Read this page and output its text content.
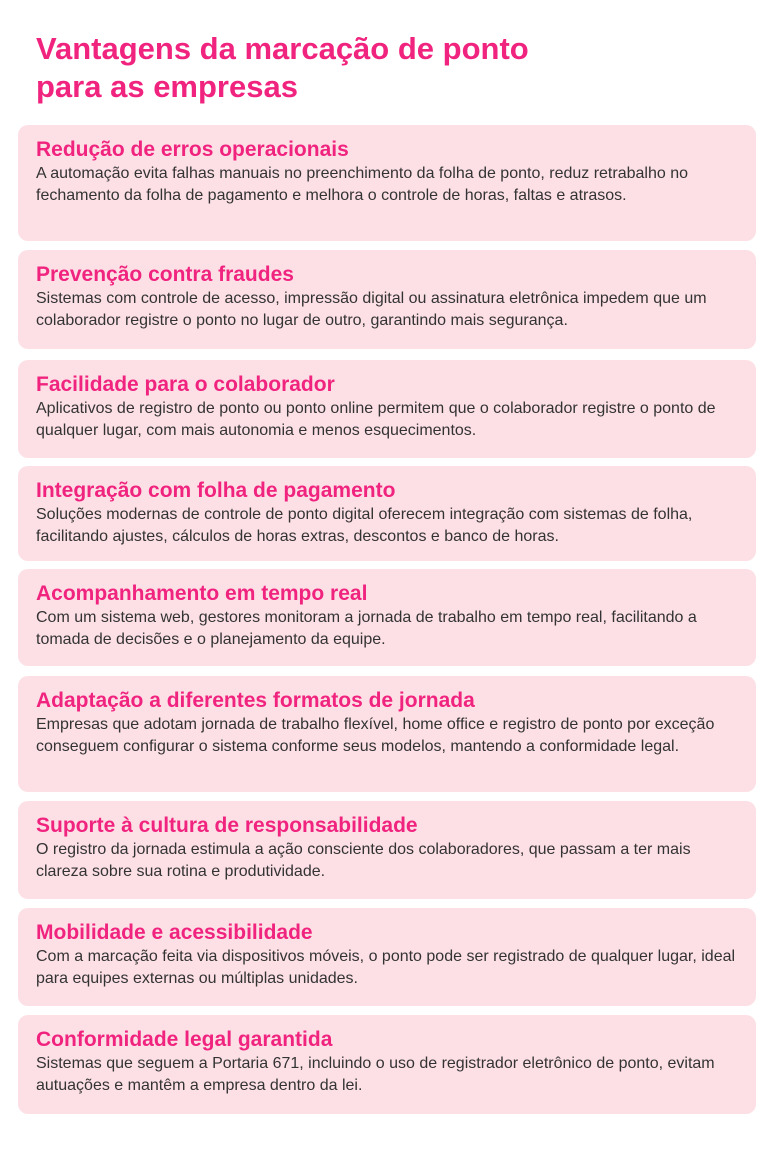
Vantagens da marcação de ponto
para as empresas
Redução de erros operacionais

A automação evita falhas manuais no preenchimento da folha de ponto, reduz retrabalho no fechamento da folha de pagamento e melhora o controle de horas, faltas e atrasos.

Prevenção contra fraudes

Sistemas com controle de acesso, impressão digital ou assinatura eletrônica impedem que um colaborador registre o ponto no lugar de outro, garantindo mais segurança.

Facilidade para o colaborador

Aplicativos de registro de ponto ou ponto online permitem que o colaborador registre o ponto de qualquer lugar, com mais autonomia e menos esquecimentos.

Integração com folha de pagamento

Soluções modernas de controle de ponto digital oferecem integração com sistemas de folha, facilitando ajustes, cálculos de horas extras, descontos e banco de horas.

Acompanhamento em tempo real

Com um sistema web, gestores monitoram a jornada de trabalho em tempo real, facilitando a tomada de decisões e o planejamento da equipe.

Adaptação a diferentes formatos de jornada

Empresas que adotam jornada de trabalho flexível, home office e registro de ponto por exceção conseguem configurar o sistema conforme seus modelos, mantendo a conformidade legal.

Suporte à cultura de responsabilidade

O registro da jornada estimula a ação consciente dos colaboradores, que passam a ter mais clareza sobre sua rotina e produtividade.

Mobilidade e acessibilidade

Com a marcação feita via dispositivos móveis, o ponto pode ser registrado de qualquer lugar, ideal para equipes externas ou múltiplas unidades.

Conformidade legal garantida

Sistemas que seguem a Portaria 671, incluindo o uso de registrador eletrônico de ponto, evitam autuações e mantêm a empresa dentro da lei.
